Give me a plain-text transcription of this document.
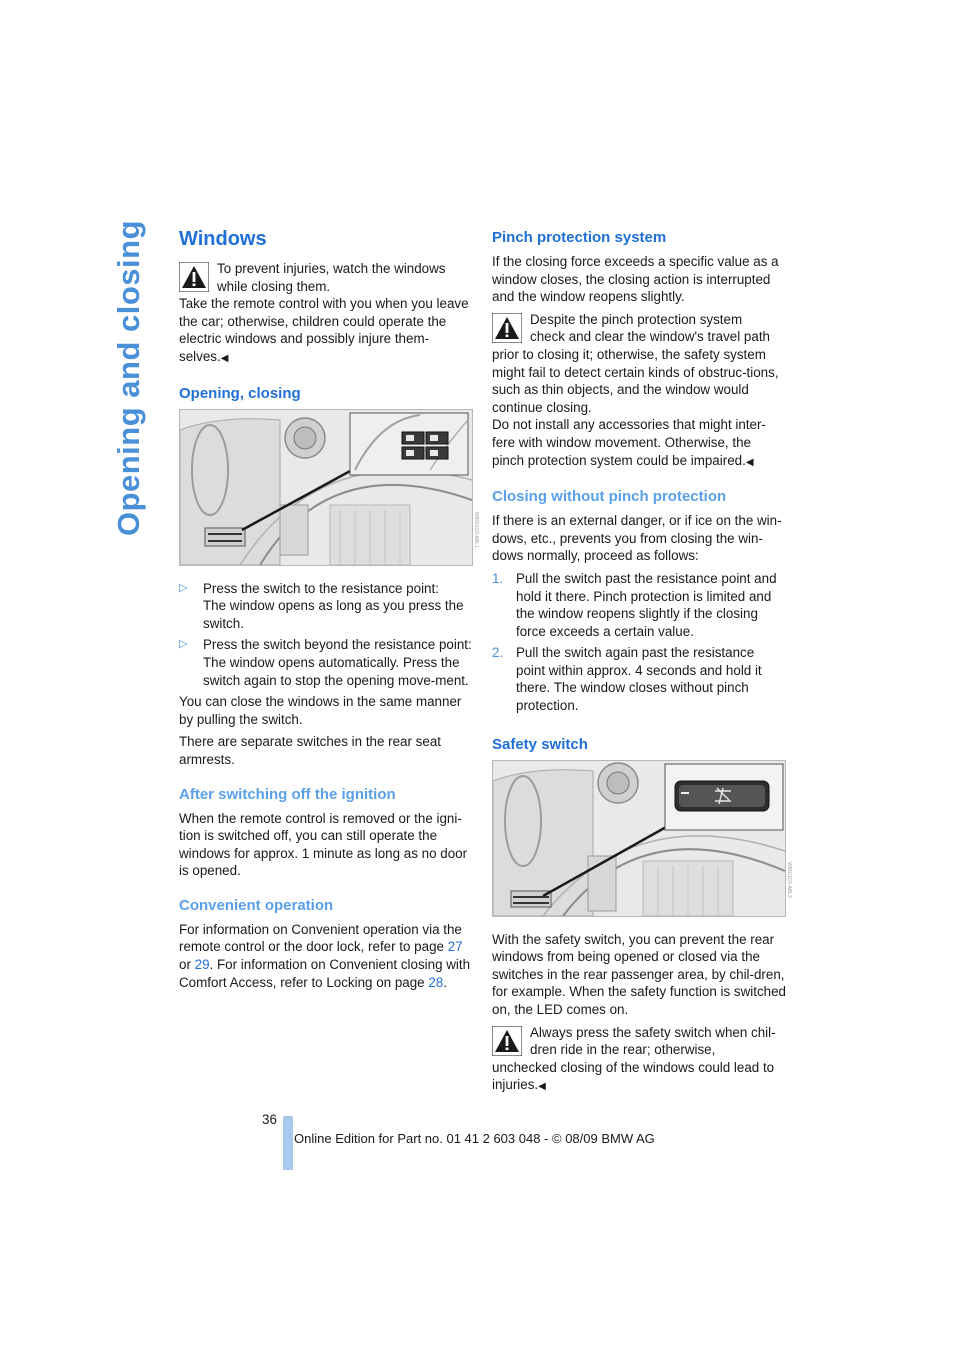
Opening and closing Windows

To prevent injuries, watch the windows

while closing them.

Take the remote control with you when you leave the car; otherwise, children could operate the electric windows and possibly injure them-selves.◀

Opening, closing
W8GI1C0-ABL1
▷ Press the switch to the resistance point:

The window opens as long as you press the switch.

▷ Press the switch beyond the resistance point:

The window opens automatically. Press the switch again to stop the opening move-ment.

You can close the windows in the same manner by pulling the switch.

There are separate switches in the rear seat armrests.

After switching off the ignition

When the remote control is removed or the igni-tion is switched off, you can still operate the windows for approx. 1 minute as long as no door is opened.

Convenient operation

For information on Convenient operation via the remote control or the door lock, refer to page 27 or 29. For information on Convenient closing with Comfort Access, refer to Locking on page 28.

Pinch protection system

If the closing force exceeds a specific value as a window closes, the closing action is interrupted and the window reopens slightly.

Despite the pinch protection system

check and clear the window's travel path

prior to closing it; otherwise, the safety system might fail to detect certain kinds of obstruc-tions, such as thin objects, and the window would continue closing.

Do not install any accessories that might inter-fere with window movement. Otherwise, the pinch protection system could be impaired.◀

Closing without pinch protection

If there is an external danger, or if ice on the win-dows, etc., prevents you from closing the win-dows normally, proceed as follows:

1. Pull the switch past the resistance point and hold it there. Pinch protection is limited and the window reopens slightly if the closing force exceeds a certain value.

2. Pull the switch again past the resistance point within approx. 4 seconds and hold it there. The window closes without pinch protection.

Safety switch
W8GI1C0-ABL2

With the safety switch, you can prevent the rear windows from being opened or closed via the switches in the rear passenger area, by chil-dren, for example. When the safety function is switched on, the LED comes on.

Always press the safety switch when chil-

dren ride in the rear; otherwise,

unchecked closing of the windows could lead to injuries.◀

36
Online Edition for Part no. 01 41 2 603 048 - © 08/09 BMW AG
